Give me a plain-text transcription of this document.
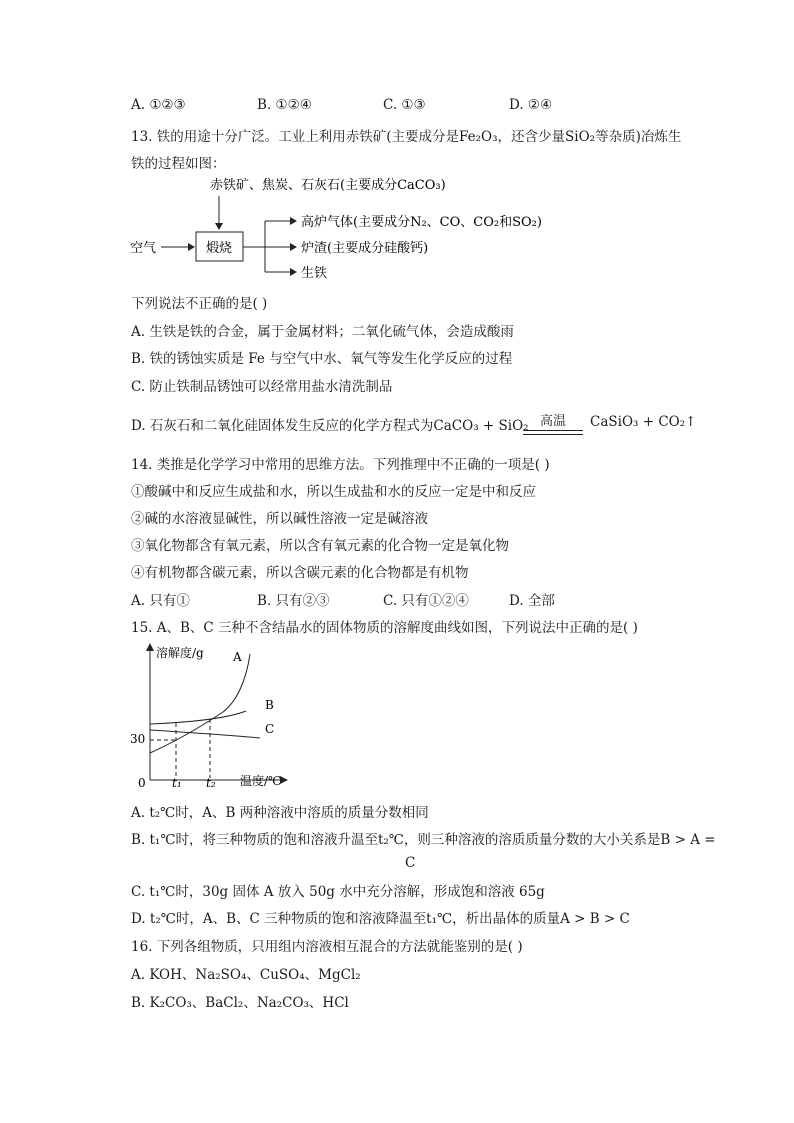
A. ①②③	B. ①②④	C. ①③	D. ②④
13. 铁的用途十分广泛。工业上利用赤铁矿(主要成分是Fe₂O₃，还含少量SiO₂等杂质)冶炼生
铁的过程如图：
赤铁矿、焦炭、石灰石(主要成分CaCO₃)
空气	煅烧
高炉气体(主要成分N₂、CO、CO₂和SO₂)
炉渣(主要成分硅酸钙)
生铁
下列说法不正确的是( )
A. 生铁是铁的合金，属于金属材料；二氧化硫气体，会造成酸雨
B. 铁的锈蚀实质是 Fe 与空气中水、氧气等发生化学反应的过程
C. 防止铁制品锈蚀可以经常用盐水清洗制品
D. 石灰石和二氧化硅固体发生反应的化学方程式为CaCO₃ + SiO₂ 高温	CaSiO₃ + CO₂↑
14. 类推是化学学习中常用的思维方法。下列推理中不正确的一项是( )
①酸碱中和反应生成盐和水，所以生成盐和水的反应一定是中和反应
②碱的水溶液显碱性，所以碱性溶液一定是碱溶液
③氧化物都含有氧元素，所以含有氧元素的化合物一定是氧化物
④有机物都含碳元素，所以含碳元素的化合物都是有机物
A. 只有①	B. 只有②③	C. 只有①②④	D. 全部
15. A、B、C 三种不含结晶水的固体物质的溶解度曲线如图，下列说法中正确的是( )
溶解度/g
温度/℃
0
30
t₁ t₂
A
B
C
A. t₂℃时，A、B 两种溶液中溶质的质量分数相同
B. t₁℃时，将三种物质的饱和溶液升温至t₂℃，则三种溶液的溶质质量分数的大小关系是B > A =
C
C. t₁℃时，30g 固体 A 放入 50g 水中充分溶解，形成饱和溶液 65g
D. t₂℃时，A、B、C 三种物质的饱和溶液降温至t₁℃，析出晶体的质量A > B > C
16. 下列各组物质，只用组内溶液相互混合的方法就能鉴别的是( )
A. KOH、Na₂SO₄、CuSO₄、MgCl₂
B. K₂CO₃、BaCl₂、Na₂CO₃、HCl
